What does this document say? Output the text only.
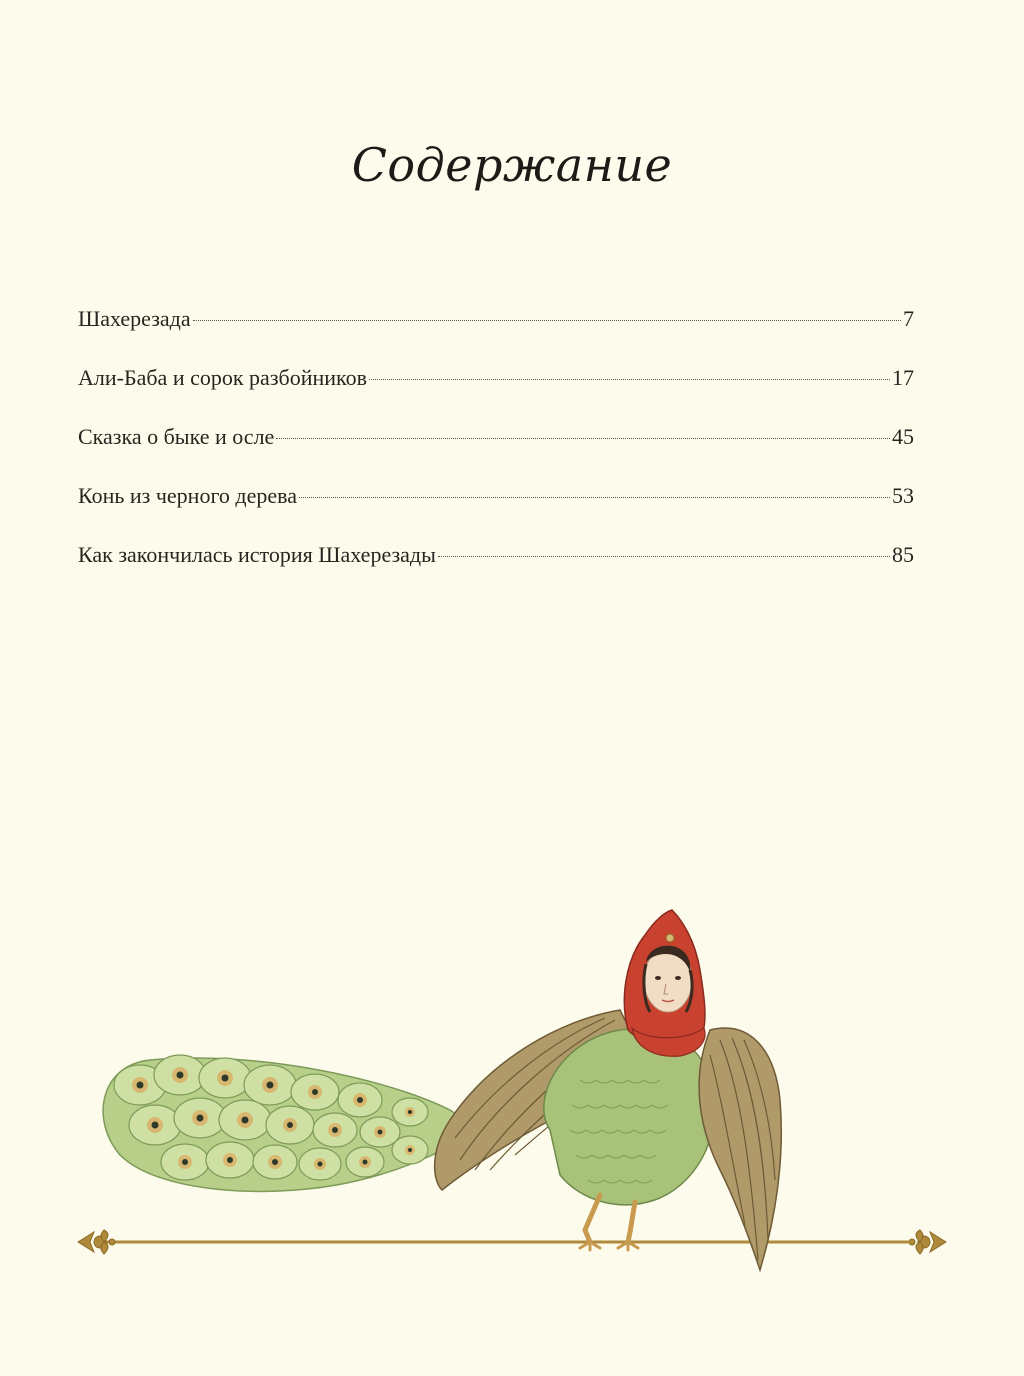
Содержание
Шахерезада	7
Али-Баба и сорок разбойников	17
Сказка о быке и осле	45
Конь из черного дерева	53
Как закончилась история Шахерезады	85
